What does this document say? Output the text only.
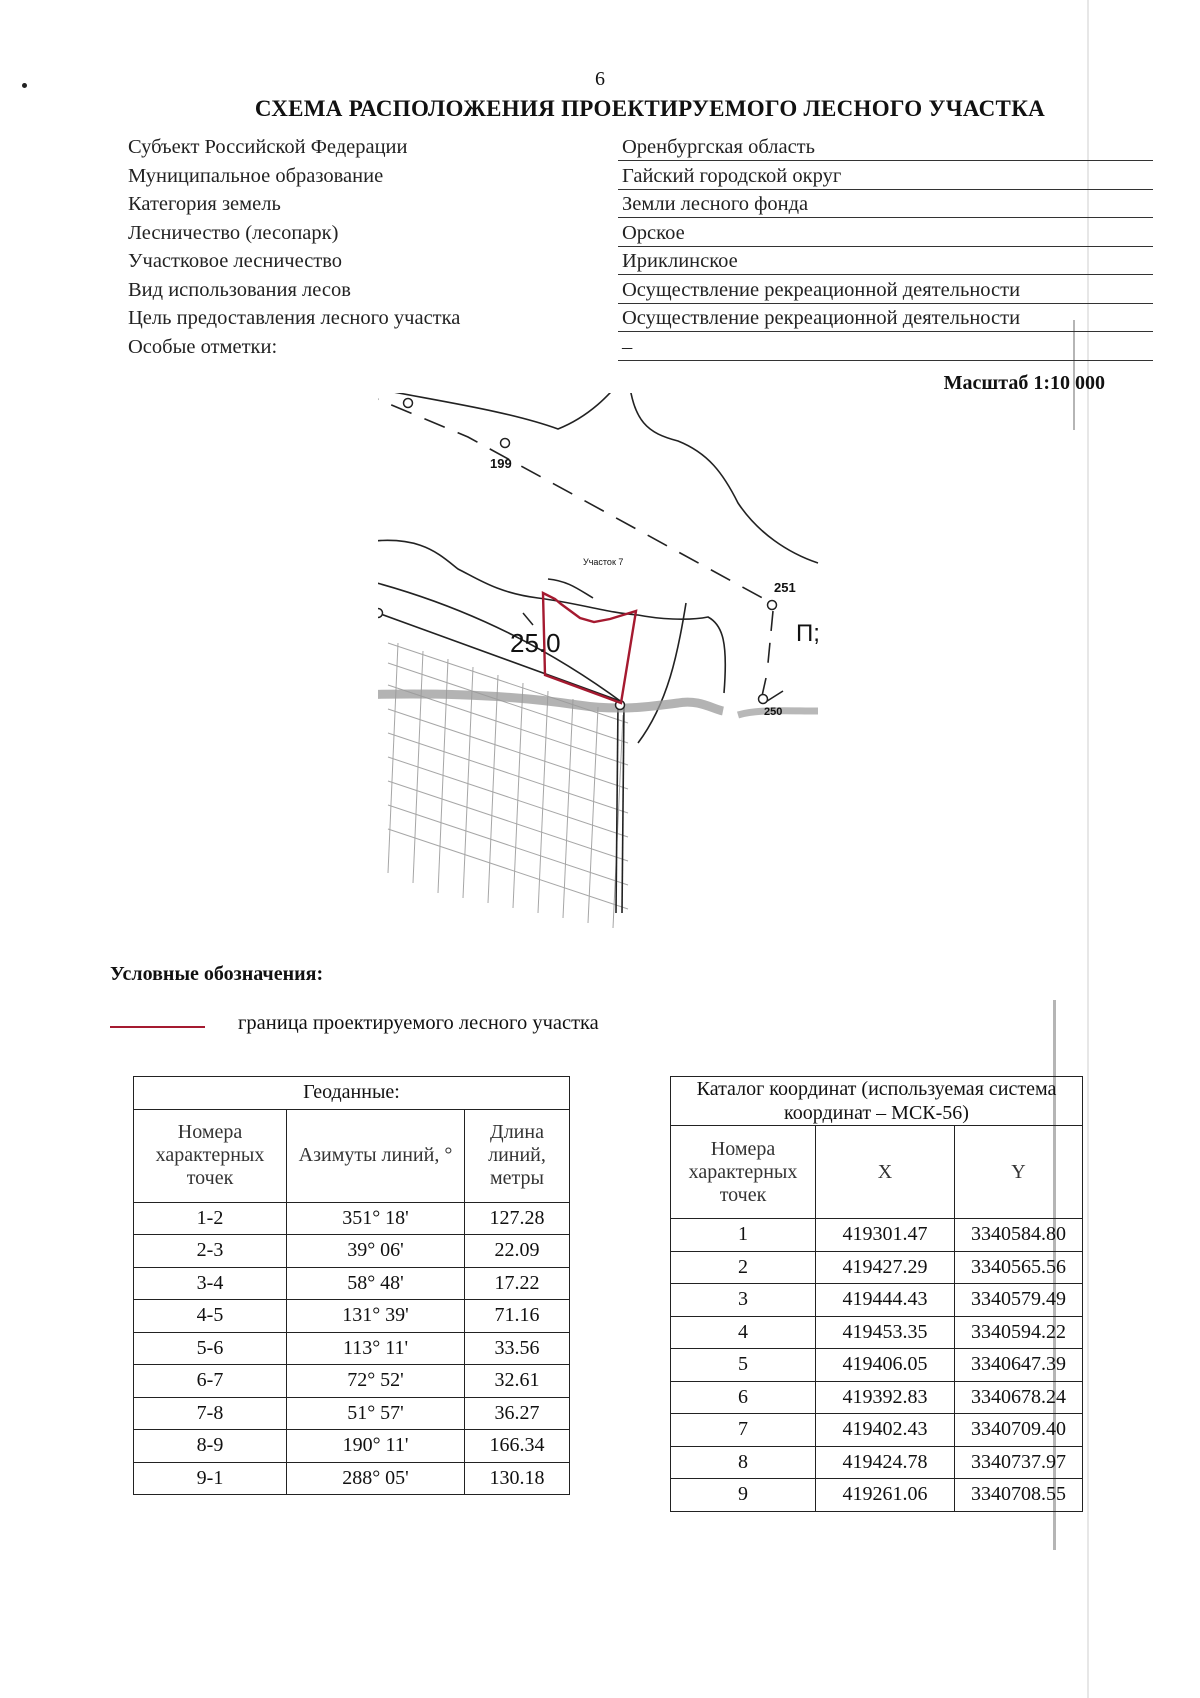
6
СХЕМА РАСПОЛОЖЕНИЯ ПРОЕКТИРУЕМОГО ЛЕСНОГО УЧАСТКА
Субъект Российской Федерации	Оренбургская область
Муниципальное образование	Гайский городской округ
Категория земель	Земли лесного фонда
Лесничество (лесопарк)	Орское
Участковое лесничество	Ириклинское
Вид использования лесов	Осуществление рекреационной деятельности
Цель предоставления лесного участка	Осуществление рекреационной деятельности
Особые отметки:	–
Масштаб 1:10 000
199
251
250
Участок 7
25.0	П;
Условные обозначения:
граница проектируемого лесного участка
Геоданные:		
Номера характерных точек	Азимуты линий, °	Длина линий, метры
1-2	351° 18'	127.28
2-3	39° 06'	22.09
3-4	58° 48'	17.22
4-5	131° 39'	71.16
5-6	113° 11'	33.56
6-7	72° 52'	32.61
7-8	51° 57'	36.27
8-9	190° 11'	166.34
9-1	288° 05'	130.18
Каталог координат (используемая система координат – МСК-56)		
Номера характерных точек	X	Y
1	419301.47	3340584.80
2	419427.29	3340565.56
3	419444.43	3340579.49
4	419453.35	3340594.22
5	419406.05	3340647.39
6	419392.83	3340678.24
7	419402.43	3340709.40
8	419424.78	3340737.97
9	419261.06	3340708.55
